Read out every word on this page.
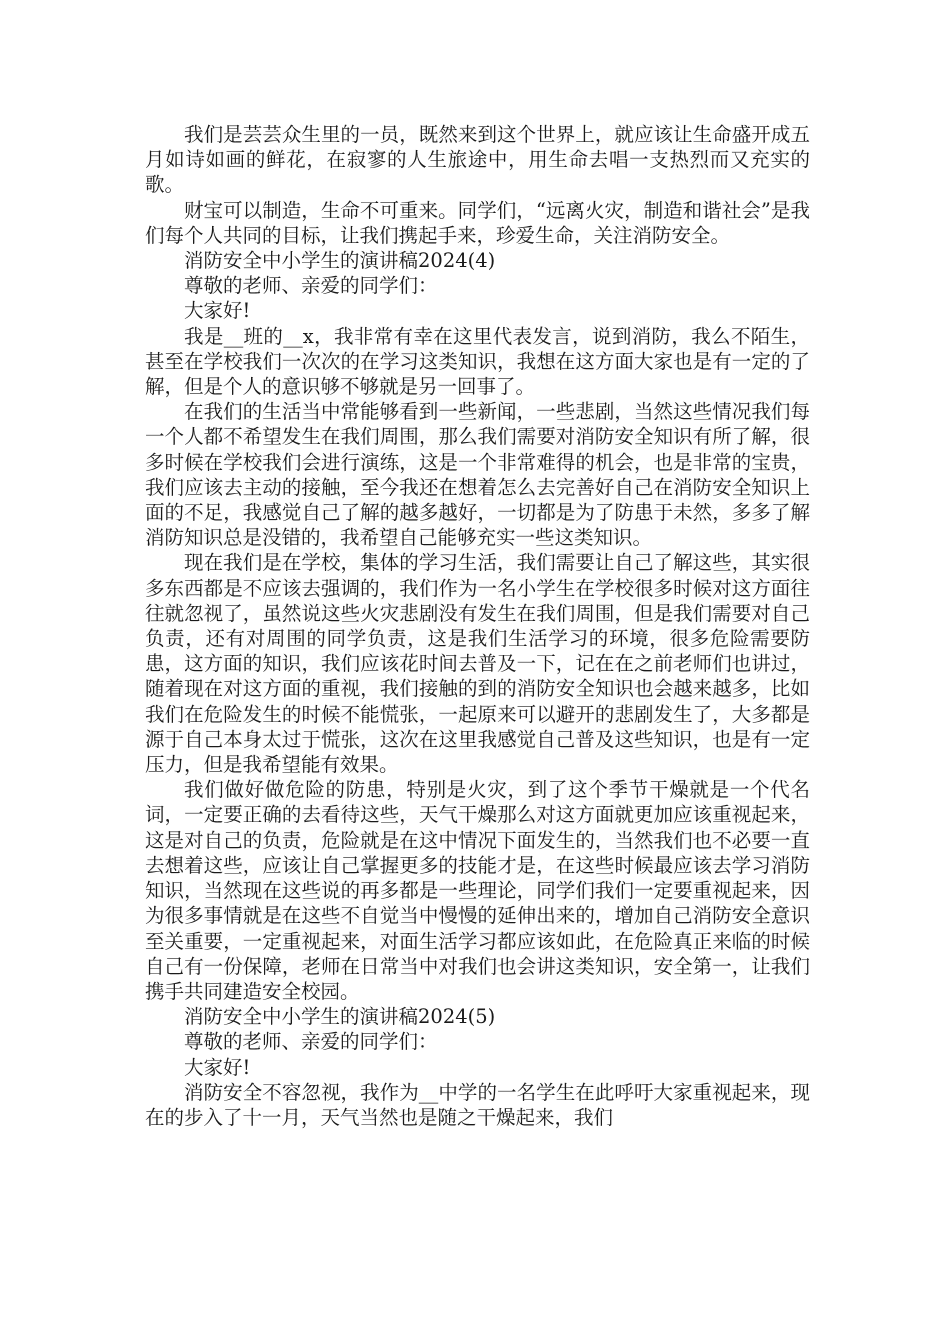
我们是芸芸众生里的一员，既然来到这个世界上，就应该让生命盛开成五月如诗如画的鲜花，在寂寥的人生旅途中，用生命去唱一支热烈而又充实的歌。

财宝可以制造，生命不可重来。同学们，“远离火灾，制造和谐社会”是我们每个人共同的目标，让我们携起手来，珍爱生命，关注消防安全。

消防安全中小学生的演讲稿2024(4)

尊敬的老师、亲爱的同学们：

大家好!

我是__班的__x，我非常有幸在这里代表发言，说到消防，我么不陌生，甚至在学校我们一次次的在学习这类知识，我想在这方面大家也是有一定的了解，但是个人的意识够不够就是另一回事了。

在我们的生活当中常能够看到一些新闻，一些悲剧，当然这些情况我们每一个人都不希望发生在我们周围，那么我们需要对消防安全知识有所了解，很多时候在学校我们会进行演练，这是一个非常难得的机会，也是非常的宝贵，我们应该去主动的接触，至今我还在想着怎么去完善好自己在消防安全知识上面的不足，我感觉自己了解的越多越好，一切都是为了防患于未然，多多了解消防知识总是没错的，我希望自己能够充实一些这类知识。

现在我们是在学校，集体的学习生活，我们需要让自己了解这些，其实很多东西都是不应该去强调的，我们作为一名小学生在学校很多时候对这方面往往就忽视了，虽然说这些火灾悲剧没有发生在我们周围，但是我们需要对自己负责，还有对周围的同学负责，这是我们生活学习的环境，很多危险需要防患，这方面的知识，我们应该花时间去普及一下，记在在之前老师们也讲过，随着现在对这方面的重视，我们接触的到的消防安全知识也会越来越多，比如我们在危险发生的时候不能慌张，一起原来可以避开的悲剧发生了，大多都是源于自己本身太过于慌张，这次在这里我感觉自己普及这些知识，也是有一定压力，但是我希望能有效果。

我们做好做危险的防患，特别是火灾，到了这个季节干燥就是一个代名词，一定要正确的去看待这些，天气干燥那么对这方面就更加应该重视起来，这是对自己的负责，危险就是在这中情况下面发生的，当然我们也不必要一直去想着这些，应该让自己掌握更多的技能才是，在这些时候最应该去学习消防知识，当然现在这些说的再多都是一些理论，同学们我们一定要重视起来，因为很多事情就是在这些不自觉当中慢慢的延伸出来的，增加自己消防安全意识至关重要，一定重视起来，对面生活学习都应该如此，在危险真正来临的时候自己有一份保障，老师在日常当中对我们也会讲这类知识，安全第一，让我们携手共同建造安全校园。

消防安全中小学生的演讲稿2024(5)

尊敬的老师、亲爱的同学们：

大家好!

消防安全不容忽视，我作为__中学的一名学生在此呼吁大家重视起来，现在的步入了十一月，天气当然也是随之干燥起来，我们
